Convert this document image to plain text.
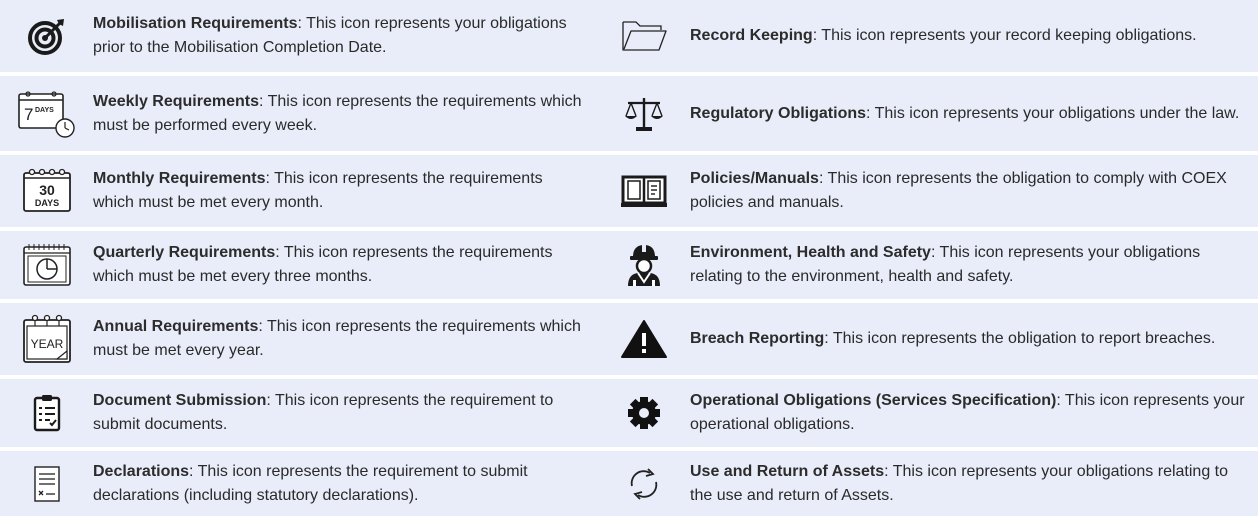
Mobilisation Requirements: This icon represents your obligations prior to the Mobilisation Completion Date.
7 DAYS
Weekly Requirements: This icon represents the requirements which must be performed every week.
30
DAYS
Monthly Requirements: This icon represents the requirements which must be met every month.
Quarterly Requirements: This icon represents the requirements which must be met every three months.
YEAR
Annual Requirements: This icon represents the requirements which must be met every year.
Document Submission: This icon represents the requirement to submit documents.
Declarations: This icon represents the requirement to submit declarations (including statutory declarations).
Record Keeping: This icon represents your record keeping obligations.
Regulatory Obligations: This icon represents your obligations under the law.
Policies/Manuals: This icon represents the obligation to comply with COEX policies and manuals.
Environment, Health and Safety: This icon represents your obligations relating to the environment, health and safety.
Breach Reporting: This icon represents the obligation to report breaches.
Operational Obligations (Services Specification): This icon represents your operational obligations.
Use and Return of Assets: This icon represents your obligations relating to the use and return of Assets.
